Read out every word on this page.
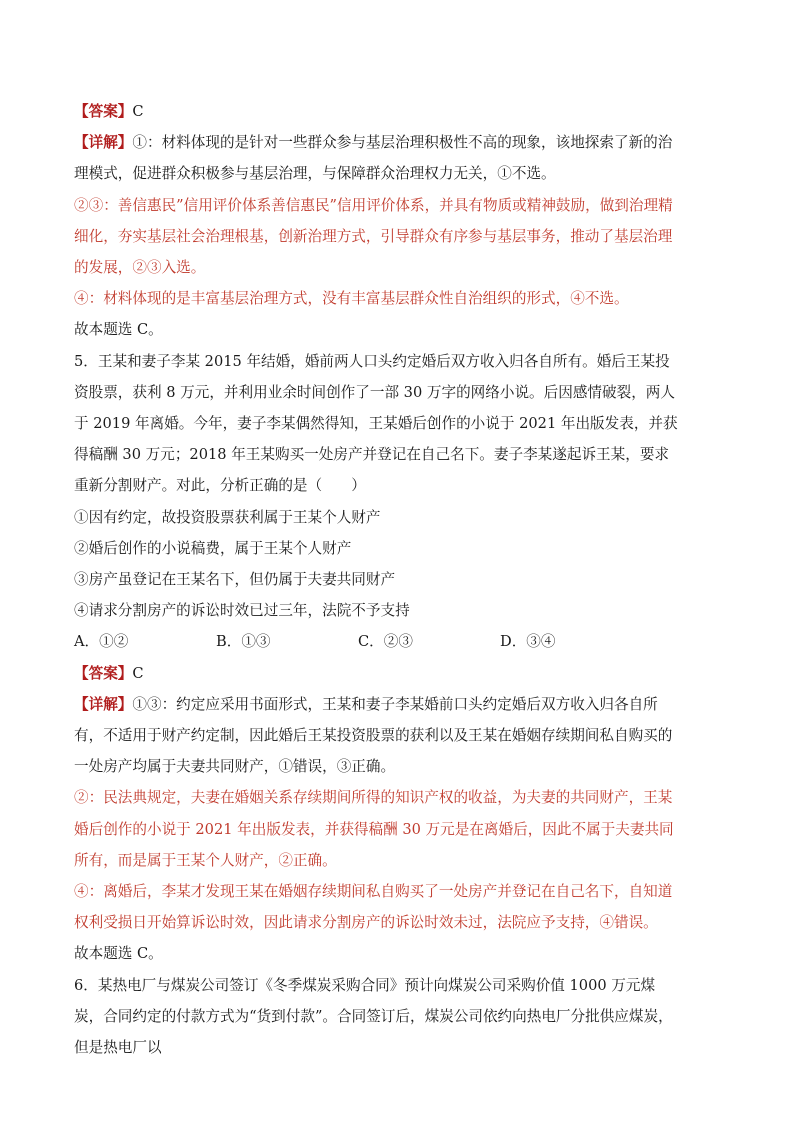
【答案】C

【详解】①：材料体现的是针对一些群众参与基层治理积极性不高的现象，该地探索了新的治理模式，促进群众积极参与基层治理，与保障群众治理权力无关，①不选。

②③：善信惠民”信用评价体系善信惠民”信用评价体系，并具有物质或精神鼓励，做到治理精细化，夯实基层社会治理根基，创新治理方式，引导群众有序参与基层事务，推动了基层治理的发展，②③入选。

④：材料体现的是丰富基层治理方式，没有丰富基层群众性自治组织的形式，④不选。

故本题选 C。

5．王某和妻子李某 2015 年结婚，婚前两人口头约定婚后双方收入归各自所有。婚后王某投资股票，获利 8 万元，并利用业余时间创作了一部 30 万字的网络小说。后因感情破裂，两人于 2019 年离婚。今年，妻子李某偶然得知，王某婚后创作的小说于 2021 年出版发表，并获得稿酬 30 万元；2018 年王某购买一处房产并登记在自己名下。妻子李某遂起诉王某，要求重新分割财产。对此，分析正确的是（　　）

①因有约定，故投资股票获利属于王某个人财产

②婚后创作的小说稿费，属于王某个人财产

③房产虽登记在王某名下，但仍属于夫妻共同财产

④请求分割房产的诉讼时效已过三年，法院不予支持

A．①②	B．①③	C．②③	D．③④

【答案】C

【详解】①③：约定应采用书面形式，王某和妻子李某婚前口头约定婚后双方收入归各自所有，不适用于财产约定制，因此婚后王某投资股票的获利以及王某在婚姻存续期间私自购买的一处房产均属于夫妻共同财产，①错误，③正确。

②：民法典规定，夫妻在婚姻关系存续期间所得的知识产权的收益，为夫妻的共同财产，王某婚后创作的小说于 2021 年出版发表，并获得稿酬 30 万元是在离婚后，因此不属于夫妻共同所有，而是属于王某个人财产，②正确。

④：离婚后，李某才发现王某在婚姻存续期间私自购买了一处房产并登记在自己名下，自知道权利受损日开始算诉讼时效，因此请求分割房产的诉讼时效未过，法院应予支持，④错误。

故本题选 C。

6．某热电厂与煤炭公司签订《冬季煤炭采购合同》预计向煤炭公司采购价值 1000 万元煤炭，合同约定的付款方式为“货到付款”。合同签订后，煤炭公司依约向热电厂分批供应煤炭，但是热电厂以
